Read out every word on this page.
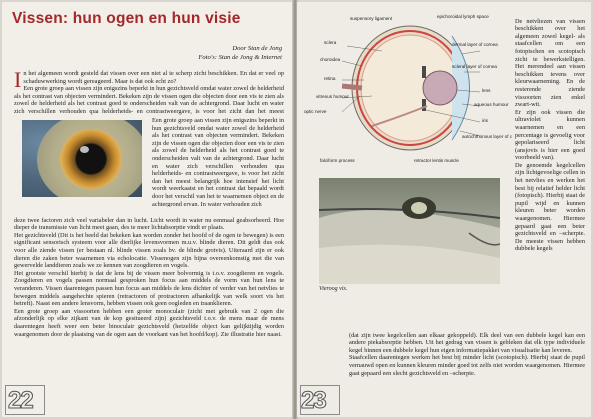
Vissen: hun ogen en hun visie
Door Stan de Jong
Foto's: Stan de Jong & Internet
In het algemeen wordt gesteld dat vissen over een niet al te scherp zicht beschikken. En dat er veel op schaduwwerking wordt gereageerd. Maar is dat ook echt zo?
Een grote groep aan vissen zijn enigszins beperkt in hun gezichtsveld omdat water zowel de helderheid als het contrast van objecten vermindert. Bekeken zijn de vissen ogen die objecten door een vis te zien als zowel de helderheid als het contrast goed te onderscheiden valt van de achtergrond. Daar lucht en water zich verschillen verhouden qua helderheids- en contrastweergave, is voor het zicht dan het meest
Een grote groep aan vissen zijn enigszins beperkt in hun gezichtsveld omdat water zowel de helderheid als het contrast van objecten vermindert. Bekeken zijn de vissen ogen die objecten door een vis te zien als zowel de helderheid als het contrast goed te onderscheiden valt van de achtergrond. Daar lucht en water zich verschillen verhouden qua helderheids- en contrastweergave, is voor het zicht dan het meest belangrijk hoe intensief het licht wordt weerkaatst en het contrast dat bepaald wordt door het verschil van het te waarnemen object en de achtergrond ervan. In water verhouden zich

deze twee factoren zich veel variabeler dan in lucht. Licht wordt in water nu eenmaal geabsorbeerd. Hoe dieper de transmissie van licht meet gaan, des te meer lichtabsorptie vindt er plaats.
Het gezichtsveld (Dit is het beeld dat bekeken kan worden zonder het hoofd of de ogen te bewegen) is een significant sensorisch systeem voor alle dierlijke levensvormen m.u.v. blinde dieren. Dit geldt dus ook voor alle ziende vissen (er bestaan nl. blinde vissen zoals bv. de blinde grotvis). Uiteraard zijn er ook dieren die zaken beter waarnemen via echolocatie. Vissenogen zijn bijna overeenkomstig met die van gewervelde landdieren zoals we ze kennen van zoogdieren en vogels.
Het grootste verschil hierbij is dat de lens bij de vissen meer bolvormig is t.o.v. zoogdieren en vogels. Zoogdieren en vogels passen normaal gesproken hun focus aan middels de vorm van hun lens te veranderen. Vissen daarentegen passen hun focus aan middels de lens dichter of verder van het netvlies te bewegen middels aangehechte spieren (retractoren of protractoren afhankelijk van welk soort vis het betreft). Naast een andere lensvorm, hebben vissen ook geen oogleden en traanklieren.
Een grote groep aan vissoorten hebben een groter monoculair (zicht met gebruik van 2 ogen die afzonderlijk op elke zijkant van de kop gesitueerd zijn) gezichtsveld t.o.v. de mens maar de mens daarentegen heeft weer een beter binoculair gezichtsveld (hetzelfde object kan gelijktijdig worden waargenomen door de plaatsing van de ogen aan de voorkant van het hoofd/kop). Zie illustratie hier naast.

22
suspensory ligament	epichoroidal lymph space
sclera
choroidea
retina
vitreous humour
optic nerve
dermal layer of cornea
scleral layer of cornea
lens
aqueous humour
iris
autochthonous layer of c
falciform process	retractor lentis muscle

De netvliezen van vissen beschikken over het algemeen zowel kegel- als staafcellen om een fotopischen en scotopisch zicht te bewerkstelligen. Het merendeel aan vissen beschikken tevens over kleurwaarneming. En de resterende ziende vissoorten zien enkel zwart-wit.
Er zijn ook vissen die ultraviolet kunnen waarnemen en een percentage is gevoelig voor gepolariseerd licht (ansjovis is hier een goed voorbeeld van).
De genoemde kegelcellen zijn lichtgevoelige cellen in het netvlies en werken het best bij relatief helder licht (fotopisch). Hierbij staat de pupil wijd en kunnen kleuren beter worden waargenomen. Hiermee gepaard gaat een beter gezichtsveld en –scherpte. De meeste vissen hebben dubbele kegels

Vieroog vis.

(dat zijn twee kegelcellen aan elkaar gekoppeld). Elk deel van een dubbele kegel kan een andere piekabsorptie hebben. Uit het gedrag van vissen is gebleken dat elk type individuele kegel binnen een dubbele kegel hun eigen informatiepakket van visualisatie kan leveren.
Staafcellen daarentegen werken het best bij minder licht (scotopisch). Hierbij staat de pupil vernauwd open en kunnen kleuren minder goed tot zelfs niet worden waargenomen. Hiermee gaat gepaard een slecht gezichtsveld en –scherpte.

23
